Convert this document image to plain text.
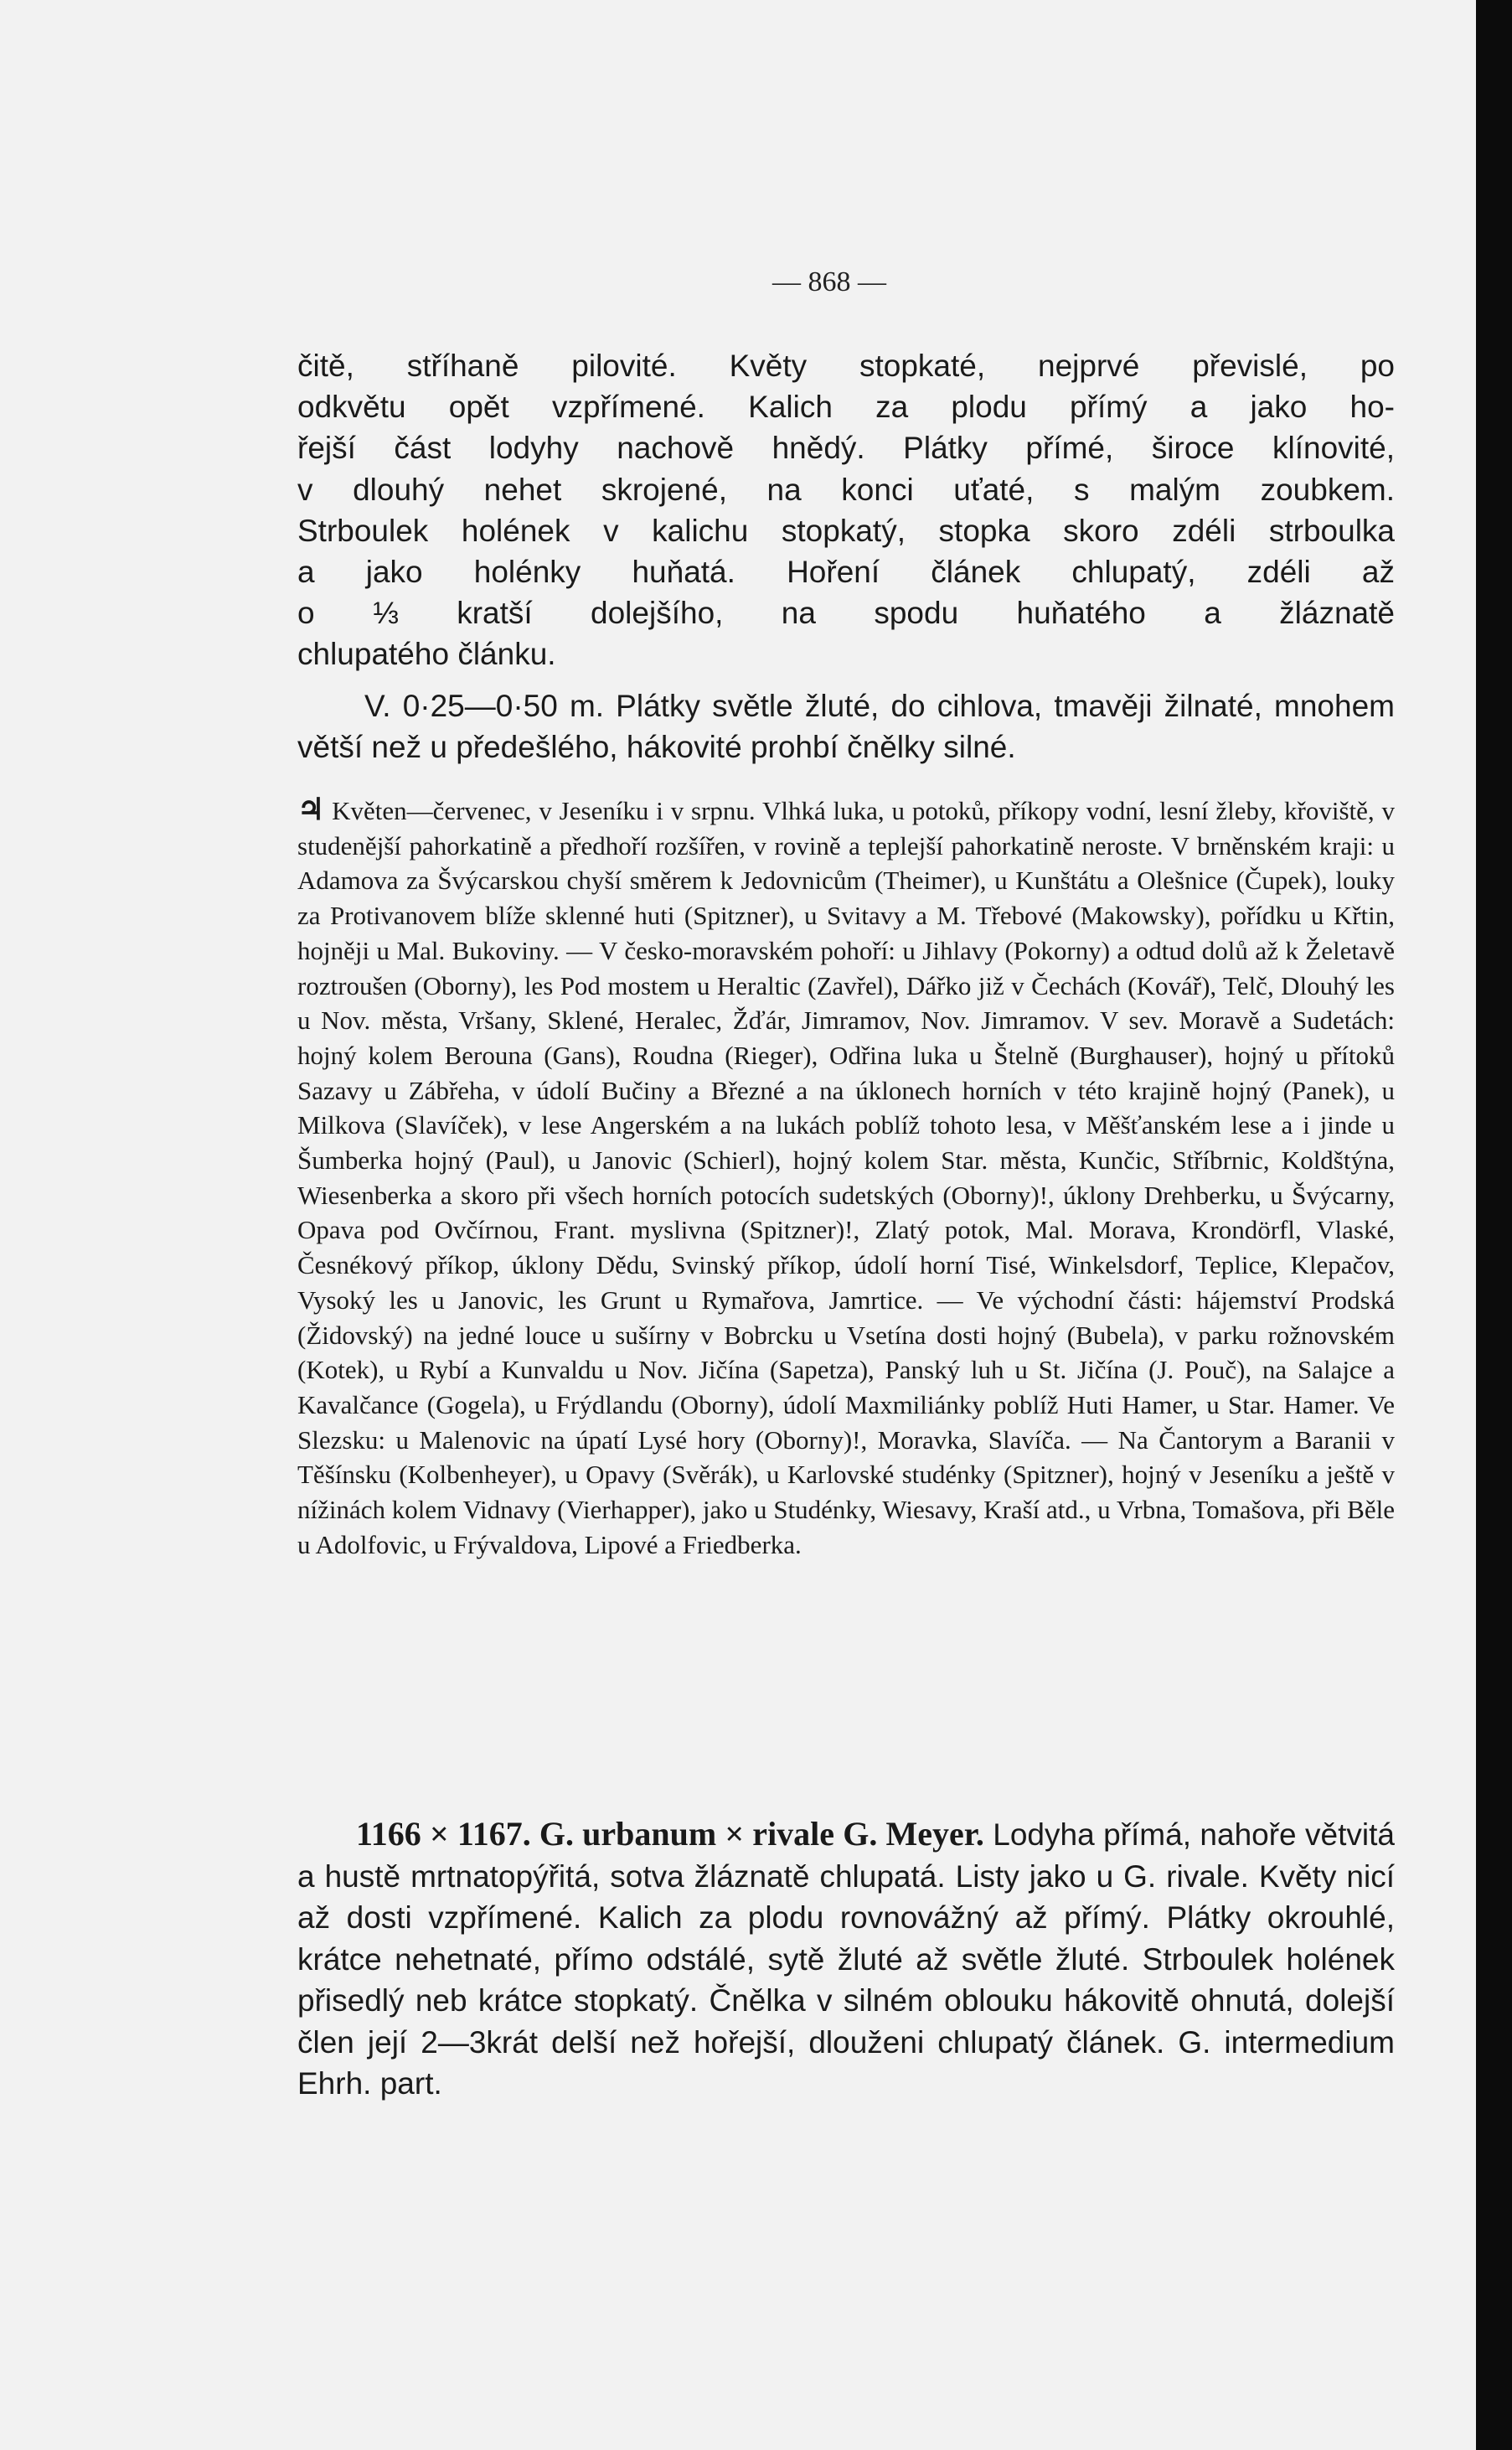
— 868 —
čitě, stříhaně pilovité. Květy stopkaté, nejprvé převislé, po
odkvětu opět vzpřímené. Kalich za plodu přímý a jako ho-
řejší část lodyhy nachově hnědý. Plátky přímé, široce klínovité,
v dlouhý nehet skrojené, na konci uťaté, s malým zoubkem.
Strboulek holének v kalichu stopkatý, stopka skoro zdéli strboulka
a jako holénky huňatá. Hoření článek chlupatý, zdéli až
o ⅓ kratší dolejšího, na spodu huňatého a žláznatě
chlupatého článku.
V. 0·25—0·50 m. Plátky světle žluté, do cihlova, tmavěji žilnaté, mnohem větší než u předešlého, hákovité prohbí čnělky silné.
♃ Květen—červenec, v Jeseníku i v srpnu. Vlhká luka, u potoků, příkopy vodní, lesní žleby, křoviště, v studenější pahorkatině a předhoří rozšířen, v rovině a teplejší pahorkatině neroste. V brněnském kraji: u Adamova za Švýcarskou chyší směrem k Jedovnicům (Theimer), u Kunštátu a Olešnice (Čupek), louky za Protivanovem blíže sklenné huti (Spitzner), u Svitavy a M. Třebové (Makowsky), pořídku u Křtin, hojněji u Mal. Bukoviny. — V česko-moravském pohoří: u Jihlavy (Pokorny) a odtud dolů až k Želetavě roztroušen (Oborny), les Pod mostem u Heraltic (Zavřel), Dářko již v Čechách (Kovář), Telč, Dlouhý les u Nov. města, Vršany, Sklené, Heralec, Žďár, Jimramov, Nov. Jimramov. V sev. Moravě a Sudetách: hojný kolem Berouna (Gans), Roudna (Rieger), Odřina luka u Štelně (Burghauser), hojný u přítoků Sazavy u Zábřeha, v údolí Bučiny a Březné a na úklonech horních v této krajině hojný (Panek), u Milkova (Slavíček), v lese Angerském a na lukách poblíž tohoto lesa, v Měšťanském lese a i jinde u Šumberka hojný (Paul), u Janovic (Schierl), hojný kolem Star. města, Kunčic, Stříbrnic, Koldštýna, Wiesenberka a skoro při všech horních potocích sudetských (Oborny)!, úklony Drehberku, u Švýcarny, Opava pod Ovčírnou, Frant. myslivna (Spitzner)!, Zlatý potok, Mal. Morava, Krondörfl, Vlaské, Česnékový příkop, úklony Dědu, Svinský příkop, údolí horní Tisé, Winkelsdorf, Teplice, Klepačov, Vysoký les u Janovic, les Grunt u Rymařova, Jamrtice. — Ve východní části: hájemství Prodská (Židovský) na jedné louce u sušírny v Bobrcku u Vsetína dosti hojný (Bubela), v parku rožnovském (Kotek), u Rybí a Kunvaldu u Nov. Jičína (Sapetza), Panský luh u St. Jičína (J. Pouč), na Salajce a Kavalčance (Gogela), u Frýdlandu (Oborny), údolí Maxmiliánky poblíž Huti Hamer, u Star. Hamer. Ve Slezsku: u Malenovic na úpatí Lysé hory (Oborny)!, Moravka, Slavíča. — Na Čantorym a Baranii v Těšínsku (Kolbenheyer), u Opavy (Svěrák), u Karlovské studénky (Spitzner), hojný v Jeseníku a ještě v nížinách kolem Vidnavy (Vierhapper), jako u Studénky, Wiesavy, Kraší atd., u Vrbna, Tomašova, při Běle u Adolfovic, u Frývaldova, Lipové a Friedberka.
1166 × 1167. G. urbanum × rivale G. Meyer. Lodyha přímá, nahoře větvitá a hustě mrtnatopýřitá, sotva žláznatě chlupatá. Listy jako u G. rivale. Květy nicí až dosti vzpřímené. Kalich za plodu rovnovážný až přímý. Plátky okrouhlé, krátce nehetnaté, přímo odstálé, sytě žluté až světle žluté. Strboulek holének přisedlý neb krátce stopkatý. Čnělka v silném oblouku hákovitě ohnutá, dolejší člen její 2—3krát delší než hořejší, dlouženi chlupatý článek. G. intermedium Ehrh. part.
